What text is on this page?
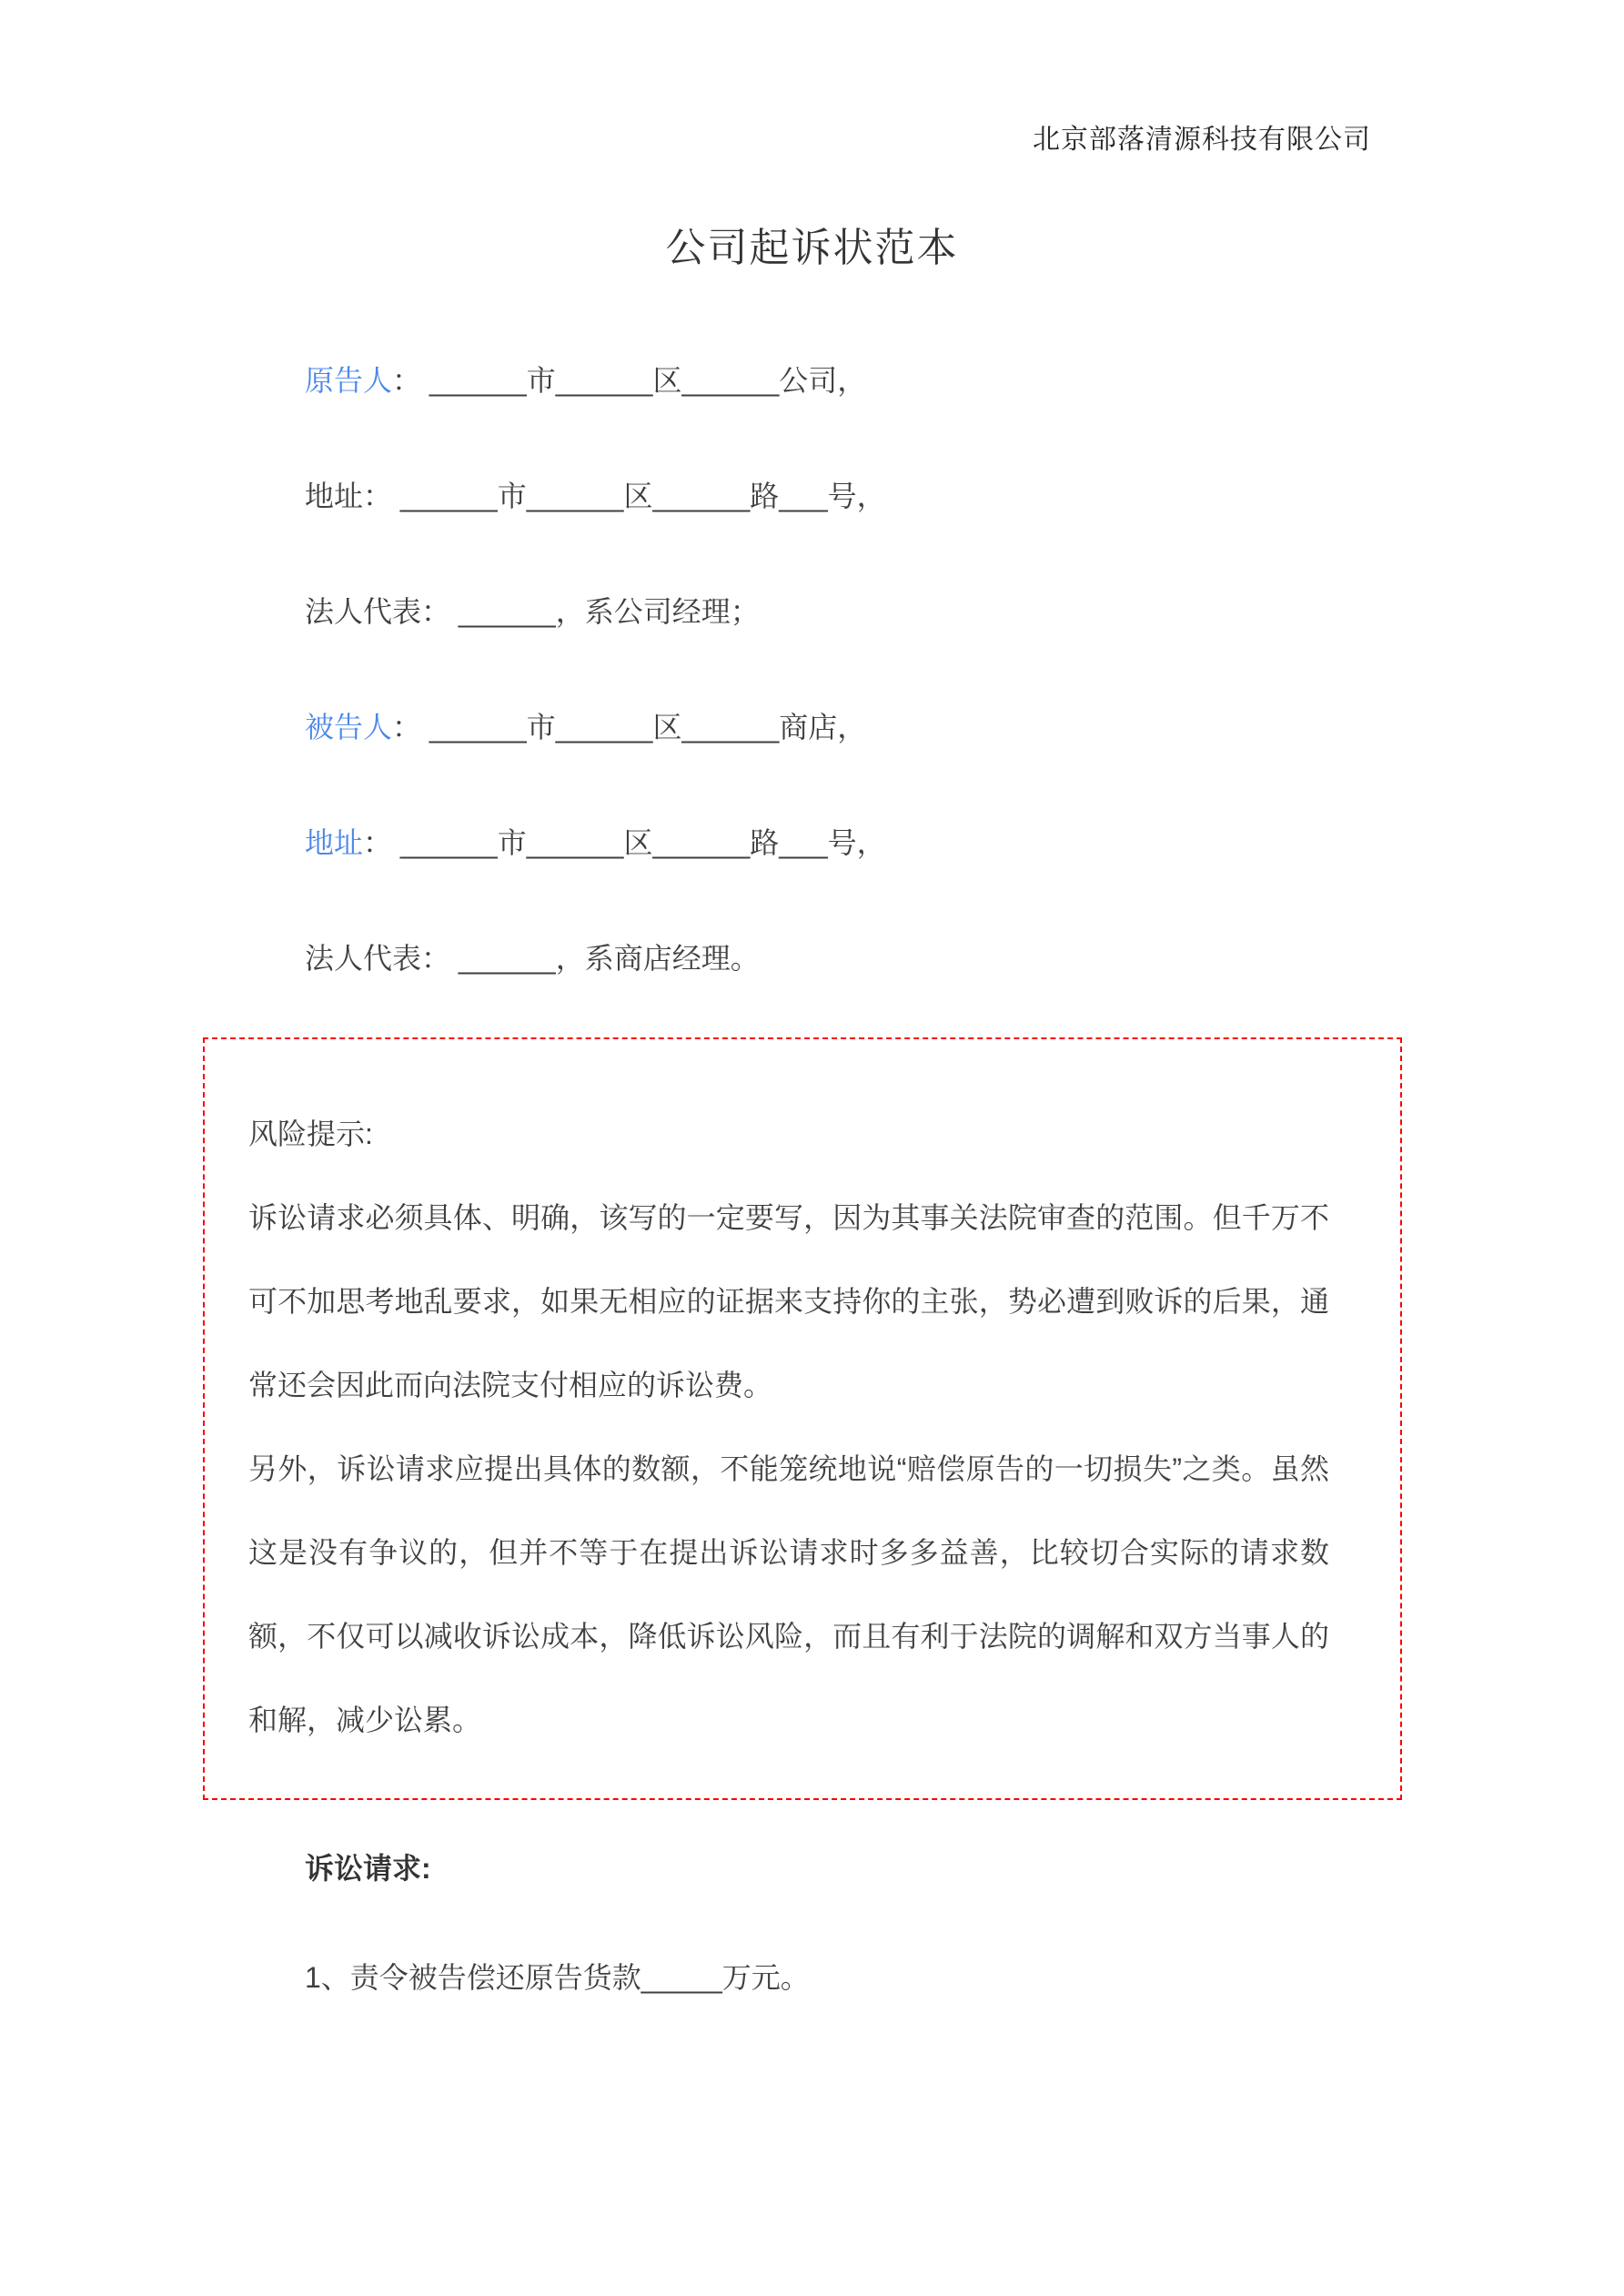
北京部落清源科技有限公司
公司起诉状范本

原告人： ______市______区______公司，

地址： ______市______区______路___号，

法人代表： ______，系公司经理；

被告人： ______市______区______商店，

地址： ______市______区______路___号，

法人代表： ______，系商店经理。

风险提示:

诉讼请求必须具体、明确，该写的一定要写，因为其事关法院审查的范围。但千万不可不加思考地乱要求，如果无相应的证据来支持你的主张，势必遭到败诉的后果，通常还会因此而向法院支付相应的诉讼费。

另外，诉讼请求应提出具体的数额，不能笼统地说“赔偿原告的一切损失”之类。虽然这是没有争议的，但并不等于在提出诉讼请求时多多益善，比较切合实际的请求数额，不仅可以减收诉讼成本，降低诉讼风险，而且有利于法院的调解和双方当事人的和解，减少讼累。

诉讼请求:

1、责令被告偿还原告货款_____万元。
